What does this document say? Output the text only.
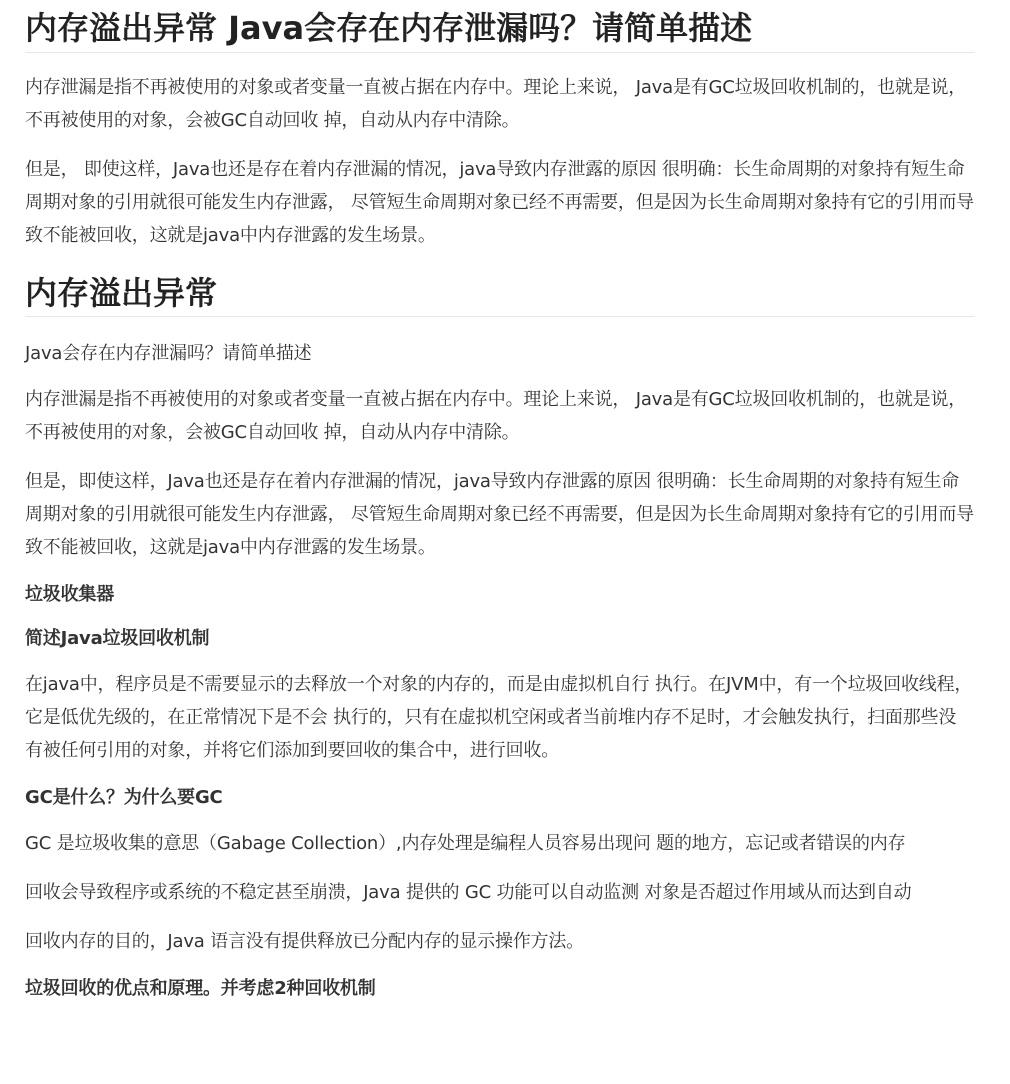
内存溢出异常 Java会存在内存泄漏吗？请简单描述

内存泄漏是指不再被使用的对象或者变量一直被占据在内存中。理论上来说， Java是有GC垃圾回收机制的，也就是说，不再被使用的对象，会被GC自动回收 掉，自动从内存中清除。

但是， 即使这样，Java也还是存在着内存泄漏的情况，java导致内存泄露的原因 很明确：长生命周期的对象持有短生命周期对象的引用就很可能发生内存泄露， 尽管短生命周期对象已经不再需要，但是因为长生命周期对象持有它的引用而导 致不能被回收，这就是java中内存泄露的发生场景。

内存溢出异常

Java会存在内存泄漏吗？请简单描述

内存泄漏是指不再被使用的对象或者变量一直被占据在内存中。理论上来说， Java是有GC垃圾回收机制的，也就是说，不再被使用的对象，会被GC自动回收 掉，自动从内存中清除。

但是，即使这样，Java也还是存在着内存泄漏的情况，java导致内存泄露的原因 很明确：长生命周期的对象持有短生命周期对象的引用就很可能发生内存泄露， 尽管短生命周期对象已经不再需要，但是因为长生命周期对象持有它的引用而导 致不能被回收，这就是java中内存泄露的发生场景。

垃圾收集器

简述Java垃圾回收机制

在java中，程序员是不需要显示的去释放一个对象的内存的，而是由虚拟机自行 执行。在JVM中，有一个垃圾回收线程，它是低优先级的，在正常情况下是不会 执行的，只有在虚拟机空闲或者当前堆内存不足时，才会触发执行，扫面那些没 有被任何引用的对象，并将它们添加到要回收的集合中，进行回收。

GC是什么？为什么要GC

GC 是垃圾收集的意思（Gabage Collection）,内存处理是编程人员容易出现问 题的地方，忘记或者错误的内存

回收会导致程序或系统的不稳定甚至崩溃，Java 提供的 GC 功能可以自动监测 对象是否超过作用域从而达到自动

回收内存的目的，Java 语言没有提供释放已分配内存的显示操作方法。

垃圾回收的优点和原理。并考虑2种回收机制
